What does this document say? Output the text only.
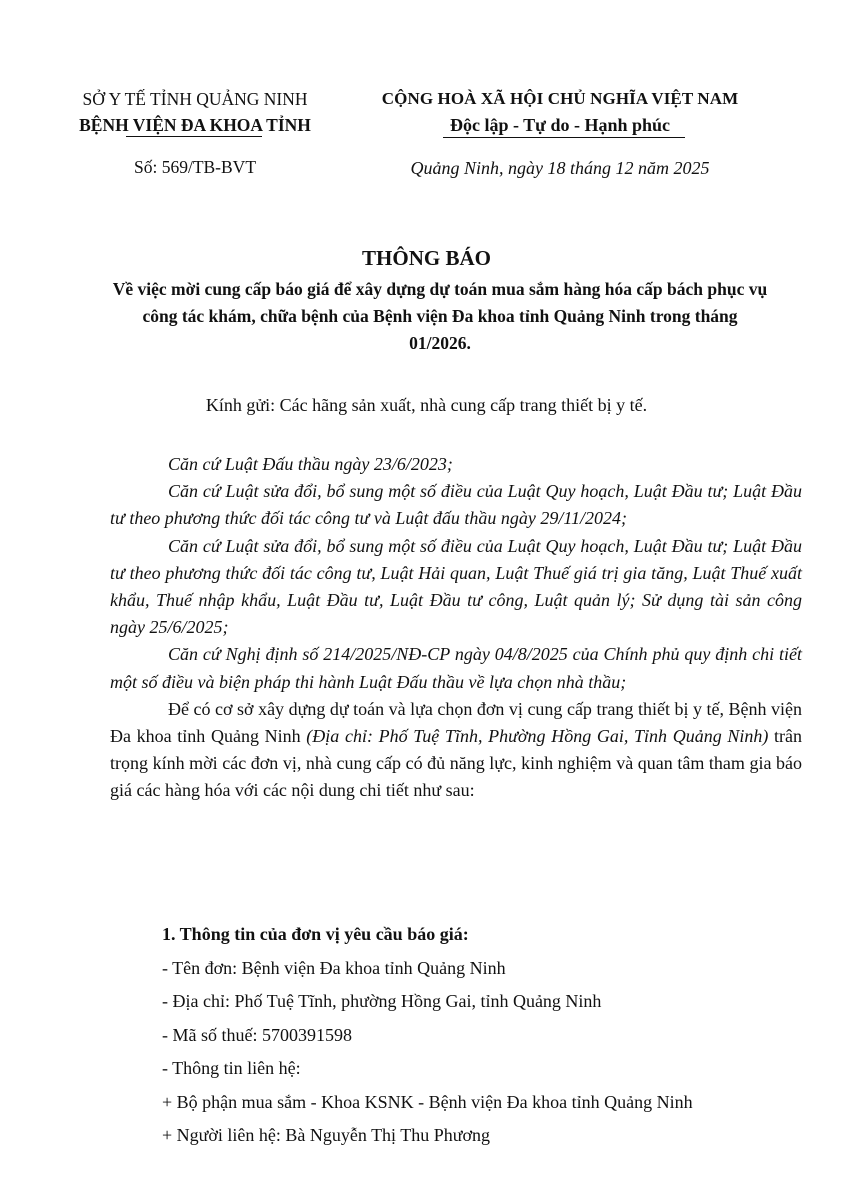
SỞ Y TẾ TỈNH QUẢNG NINH
BỆNH VIỆN ĐA KHOA TỈNH
Số: 569/TB-BVT
CỘNG HOÀ XÃ HỘI CHỦ NGHĨA VIỆT NAM
Độc lập - Tự do - Hạnh phúc
Quảng Ninh, ngày 18 tháng 12 năm 2025
THÔNG BÁO
Về việc mời cung cấp báo giá để xây dựng dự toán mua sắm hàng hóa cấp bách phục vụ công tác khám, chữa bệnh của Bệnh viện Đa khoa tỉnh Quảng Ninh trong tháng 01/2026.
Kính gửi: Các hãng sản xuất, nhà cung cấp trang thiết bị y tế.

Căn cứ Luật Đấu thầu ngày 23/6/2023;

Căn cứ Luật sửa đổi, bổ sung một số điều của Luật Quy hoạch, Luật Đầu tư; Luật Đầu tư theo phương thức đối tác công tư và Luật đấu thầu ngày 29/11/2024;

Căn cứ Luật sửa đổi, bổ sung một số điều của Luật Quy hoạch, Luật Đầu tư; Luật Đầu tư theo phương thức đối tác công tư, Luật Hải quan, Luật Thuế giá trị gia tăng, Luật Thuế xuất khẩu, Thuế nhập khẩu, Luật Đầu tư, Luật Đầu tư công, Luật quản lý; Sử dụng tài sản công ngày 25/6/2025;

Căn cứ Nghị định số 214/2025/NĐ-CP ngày 04/8/2025 của Chính phủ quy định chi tiết một số điều và biện pháp thi hành Luật Đấu thầu về lựa chọn nhà thầu;

Để có cơ sở xây dựng dự toán và lựa chọn đơn vị cung cấp trang thiết bị y tế, Bệnh viện Đa khoa tỉnh Quảng Ninh (Địa chỉ: Phố Tuệ Tĩnh, Phường Hồng Gai, Tỉnh Quảng Ninh) trân trọng kính mời các đơn vị, nhà cung cấp có đủ năng lực, kinh nghiệm và quan tâm tham gia báo giá các hàng hóa với các nội dung chi tiết như sau:

1. Thông tin của đơn vị yêu cầu báo giá:
- Tên đơn: Bệnh viện Đa khoa tỉnh Quảng Ninh
- Địa chỉ: Phố Tuệ Tĩnh, phường Hồng Gai, tỉnh Quảng Ninh
- Mã số thuế: 5700391598
- Thông tin liên hệ:
+ Bộ phận mua sắm - Khoa KSNK - Bệnh viện Đa khoa tỉnh Quảng Ninh
+ Người liên hệ: Bà Nguyễn Thị Thu Phương
